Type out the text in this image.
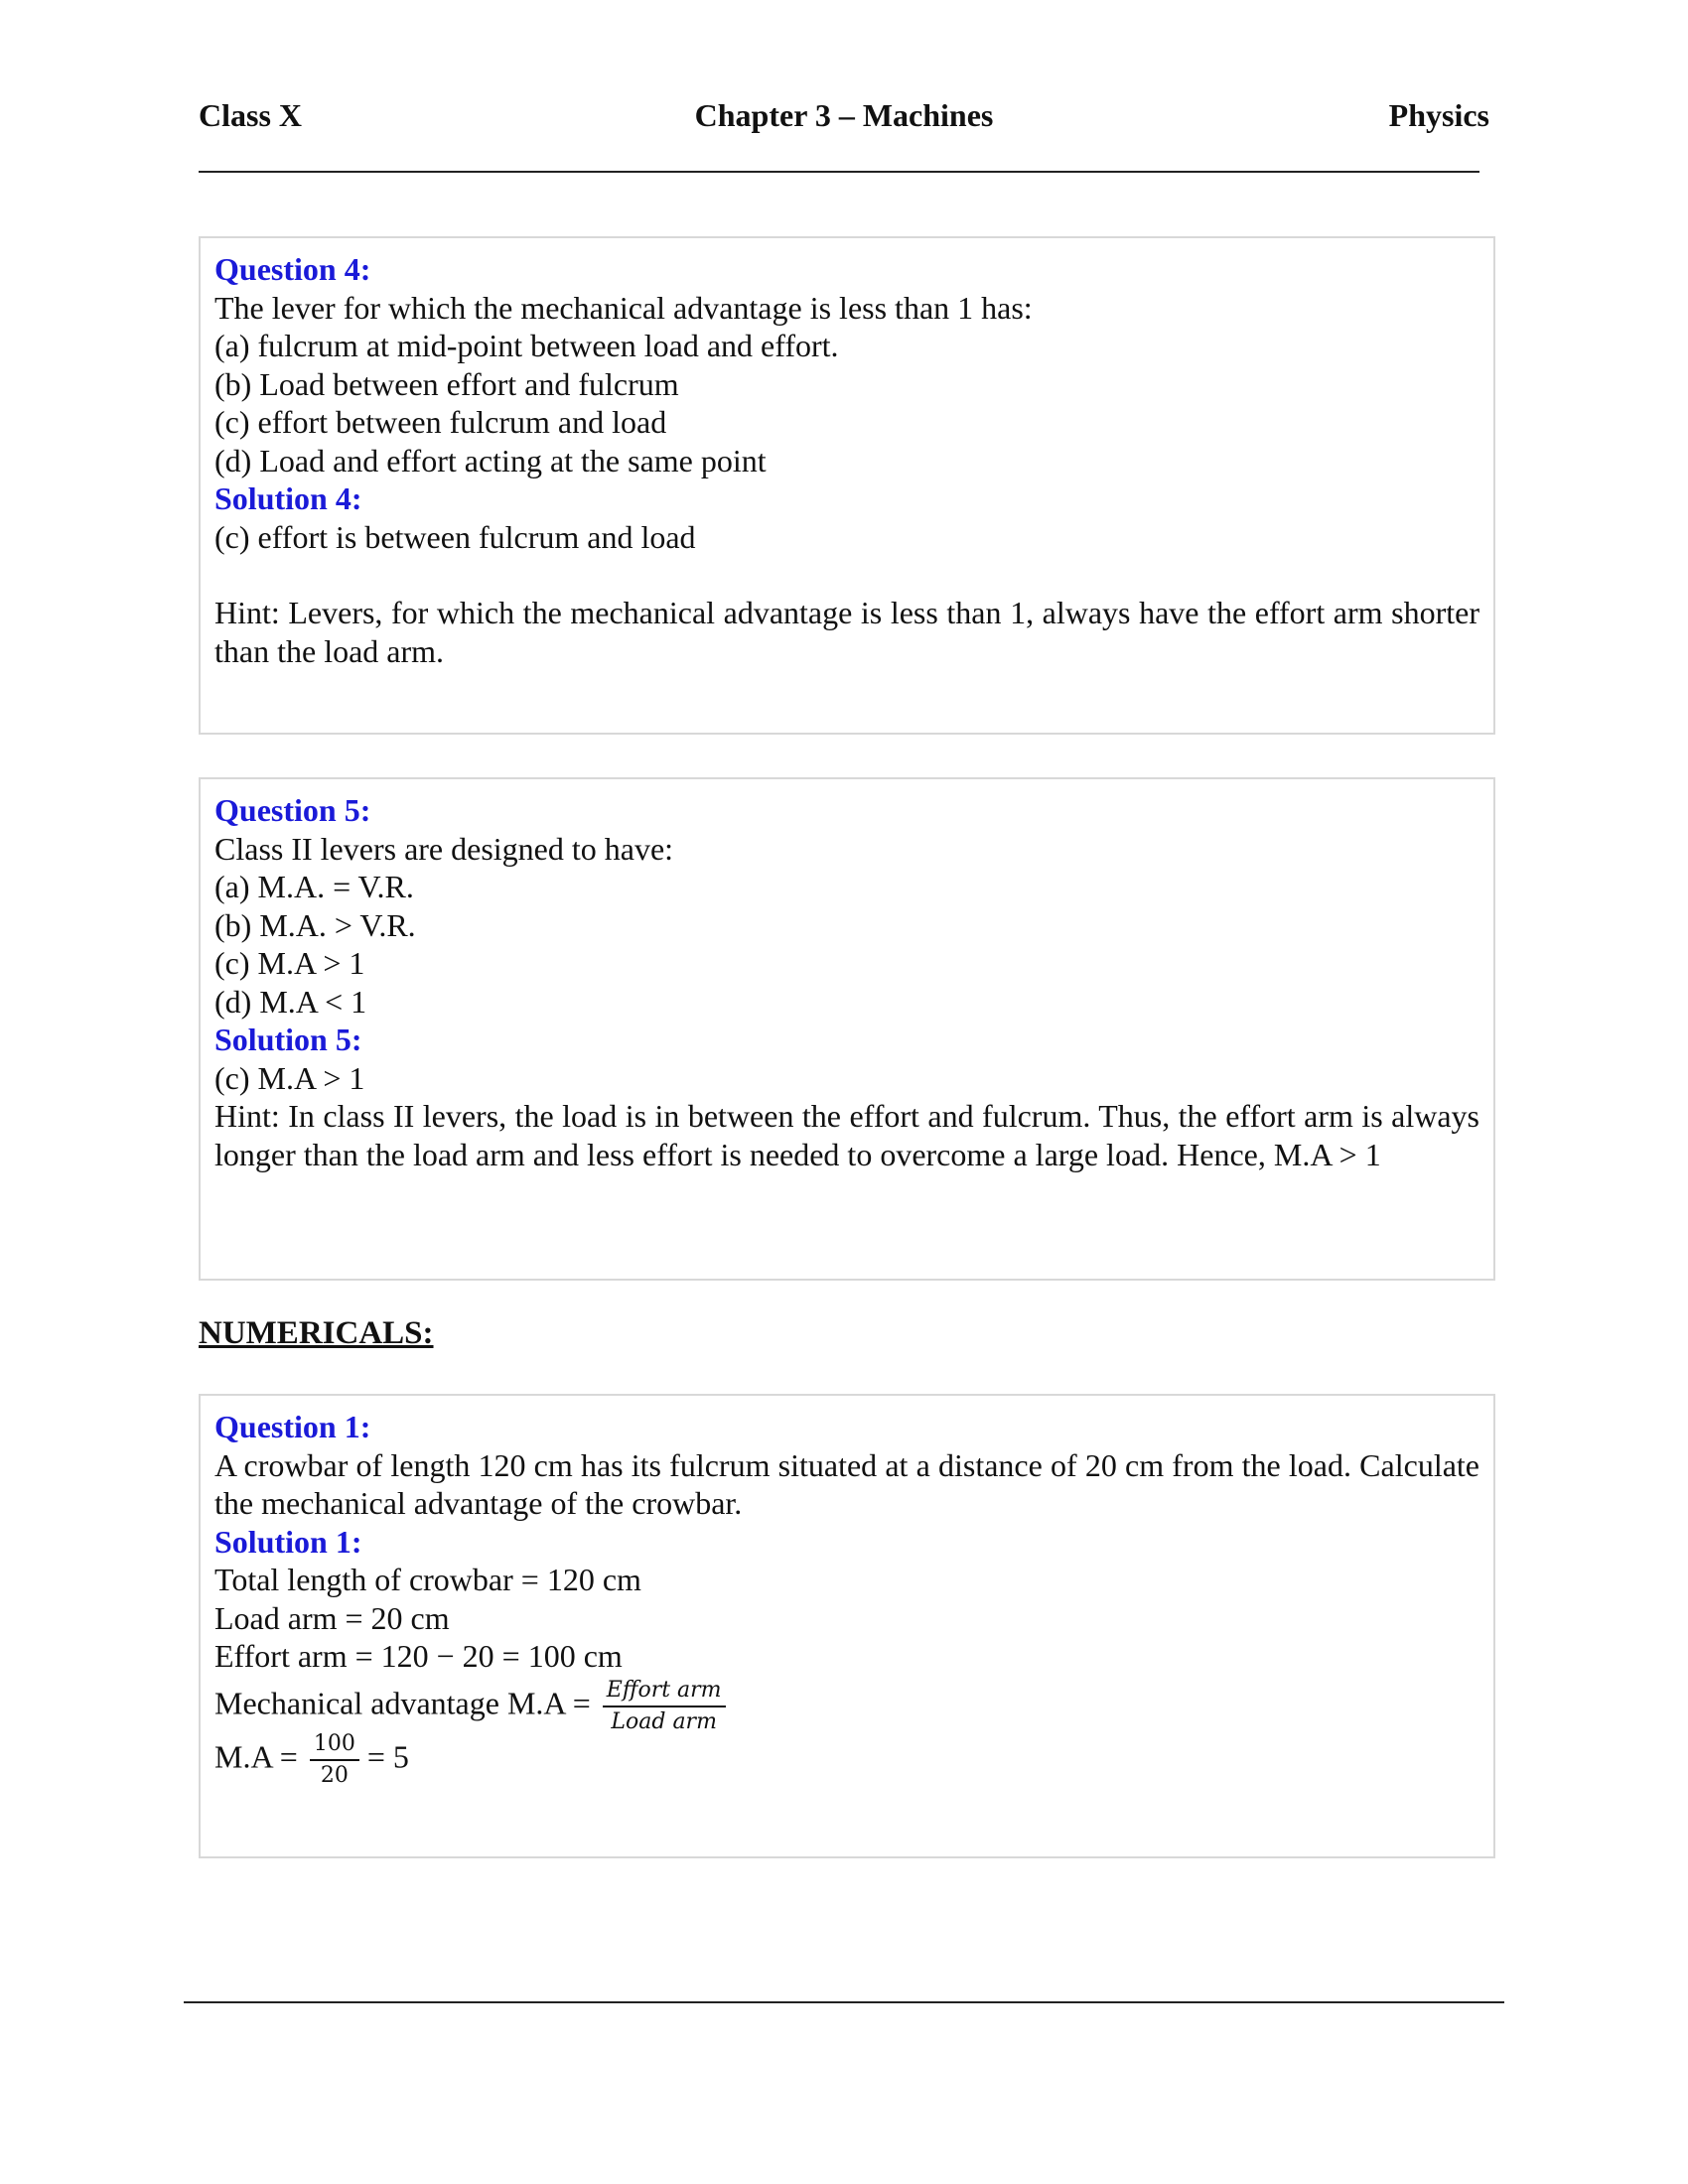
Class X	Chapter 3 – Machines	Physics
Question 4:
The lever for which the mechanical advantage is less than 1 has:
(a) fulcrum at mid-point between load and effort.
(b) Load between effort and fulcrum
(c) effort between fulcrum and load
(d) Load and effort acting at the same point
Solution 4:
(c) effort is between fulcrum and load
Hint: Levers, for which the mechanical advantage is less than 1, always have the effort arm shorter than the load arm.
Question 5:
Class II levers are designed to have:
(a) M.A. = V.R.
(b) M.A. > V.R.
(c) M.A > 1
(d) M.A < 1
Solution 5:
(c) M.A > 1
Hint: In class II levers, the load is in between the effort and fulcrum. Thus, the effort arm is always longer than the load arm and less effort is needed to overcome a large load. Hence, M.A > 1
NUMERICALS:
Question 1:
A crowbar of length 120 cm has its fulcrum situated at a distance of 20 cm from the load. Calculate the mechanical advantage of the crowbar.
Solution 1:
Total length of crowbar = 120 cm
Load arm = 20 cm
Effort arm = 120 − 20 = 100 cm
Mechanical advantage $M.A = \frac{\text{Effort arm}}{\text{Load arm}}$
$M.A = \frac{100}{20} = 5$
